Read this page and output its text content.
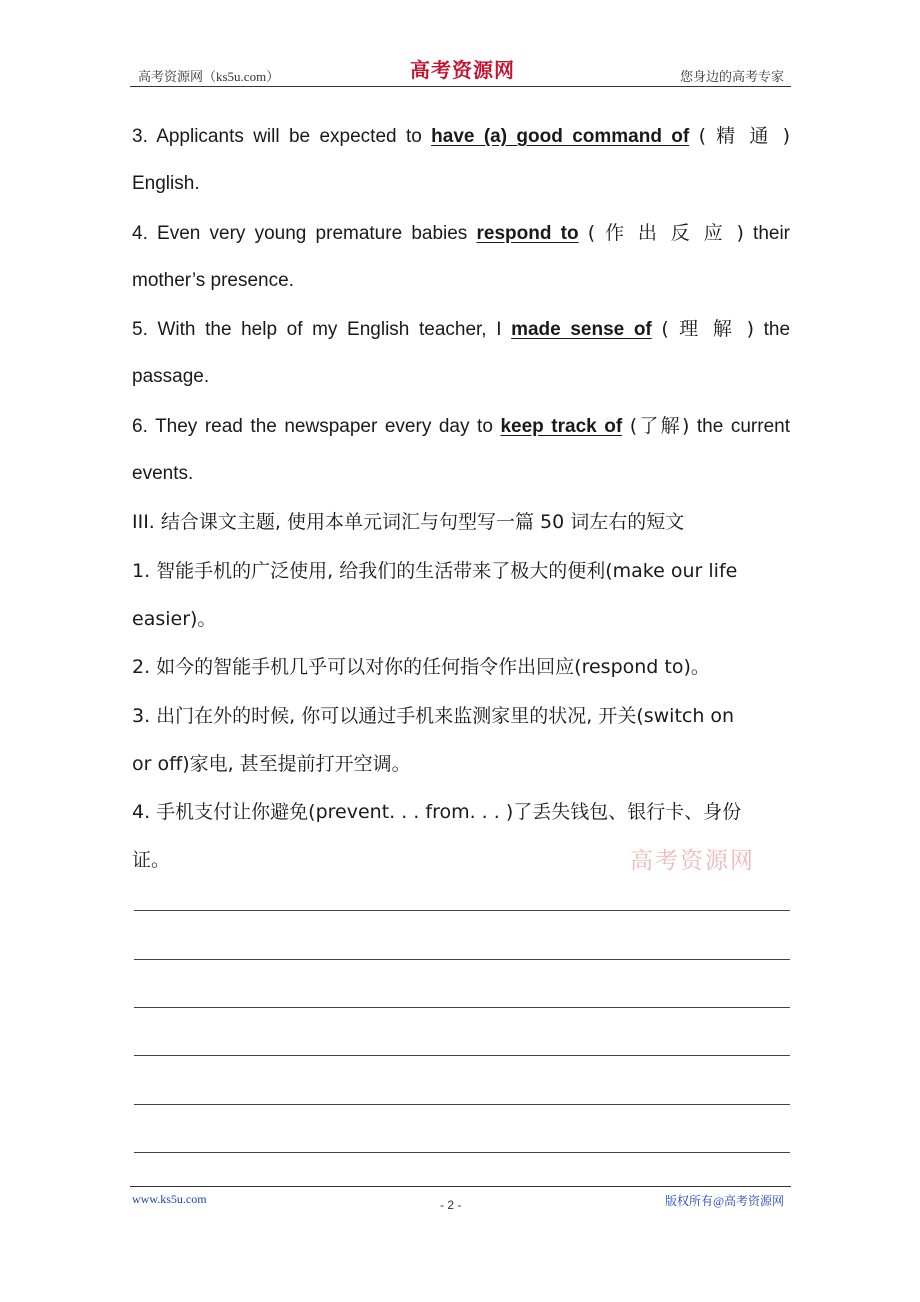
高考资源网（ks5u.com）	高考资源网	您身边的高考专家
3. Applicants will be expected to have (a) good command of ( 精 通 )
English.
4. Even very young premature babies respond to ( 作 出 反 应 ) their
mother’s presence.
5. With the help of my English teacher, I made sense of ( 理 解 ) the
passage.
6. They read the newspaper every day to keep track of (了解) the current
events.
III. 结合课文主题, 使用本单元词汇与句型写一篇 50 词左右的短文
1. 智能手机的广泛使用, 给我们的生活带来了极大的便利(make our life
easier)。
2. 如今的智能手机几乎可以对你的任何指令作出回应(respond to)。
3. 出门在外的时候, 你可以通过手机来监测家里的状况, 开关(switch on
or off)家电, 甚至提前打开空调。
4. 手机支付让你避免(prevent. . . from. . . )了丢失钱包、银行卡、身份
证。	高考资源网
www.ks5u.com	- 2 -	版权所有@高考资源网
